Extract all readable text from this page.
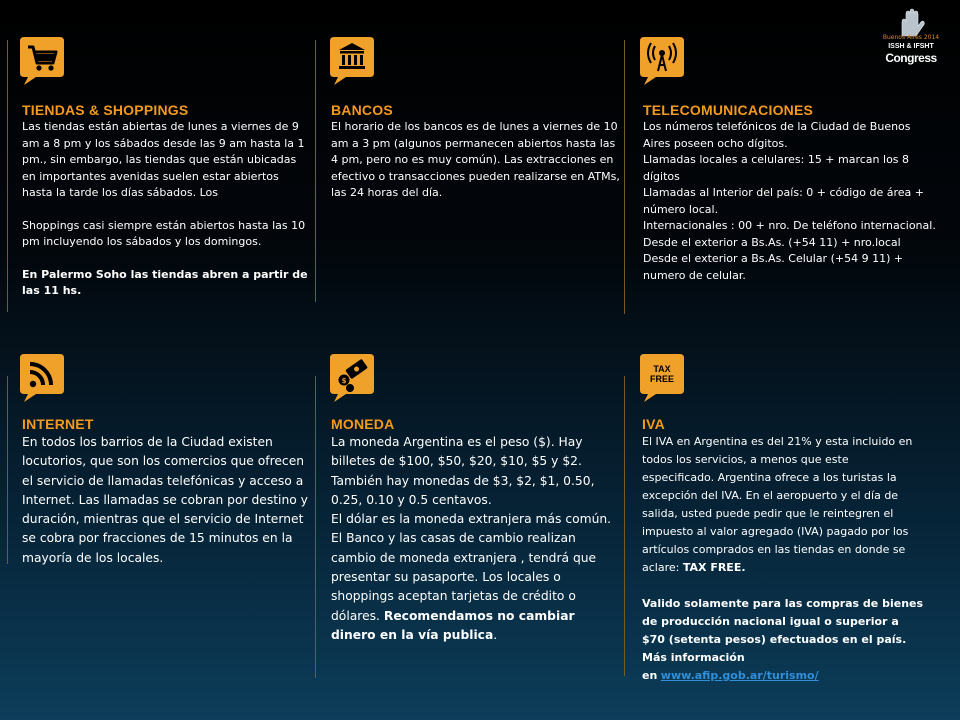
Buenos Aires 2014
ISSH & IFSHT
Congress
$
TAX
FREE
TIENDAS & SHOPPINGS

Las tiendas están abiertas de lunes a viernes de 9 am a 8 pm y los sábados desde las 9 am hasta la 1 pm., sin embargo, las tiendas que están ubicadas en importantes avenidas suelen estar abiertos hasta la tarde los días sábados. Los

Shoppings casi siempre están abiertos hasta las 10 pm incluyendo los sábados y los domingos.

En Palermo Soho las tiendas abren a partir de las 11 hs.

BANCOS

El horario de los bancos es de lunes a viernes de 10 am a 3 pm (algunos permanecen abiertos hasta las 4 pm, pero no es muy común). Las extracciones en efectivo o transacciones pueden realizarse en ATMs, las 24 horas del día.

TELECOMUNICACIONES

Los números telefónicos de la Ciudad de Buenos Aires poseen ocho dígitos.

Llamadas locales a celulares: 15 + marcan los 8 dígitos

Llamadas al Interior del país: 0 + código de área + número local.

Internacionales : 00 + nro. De teléfono internacional.

Desde el exterior a Bs.As. (+54 11) + nro.local

Desde el exterior a Bs.As. Celular (+54 9 11) + numero de celular.

INTERNET

En todos los barrios de la Ciudad existen locutorios, que son los comercios que ofrecen el servicio de llamadas telefónicas y acceso a Internet. Las llamadas se cobran por destino y duración, mientras que el servicio de Internet se cobra por fracciones de 15 minutos en la mayoría de los locales.

MONEDA

La moneda Argentina es el peso ($). Hay billetes de $100, $50, $20, $10, $5 y $2. También hay monedas de $3, $2, $1, 0.50, 0.25, 0.10 y 0.5 centavos.

El dólar es la moneda extranjera más común. El Banco y las casas de cambio realizan cambio de moneda extranjera , tendrá que presentar su pasaporte. Los locales o shoppings aceptan tarjetas de crédito o dólares. Recomendamos no cambiar dinero en la vía publica.

IVA

El IVA en Argentina es del 21% y esta incluido en todos los servicios, a menos que este especificado. Argentina ofrece a los turistas la excepción del IVA. En el aeropuerto y el día de salida, usted puede pedir que le reintegren el impuesto al valor agregado (IVA) pagado por los artículos comprados en las tiendas en donde se aclare: TAX FREE.

Valido solamente para las compras de bienes de producción nacional igual o superior a $70 (setenta pesos) efectuados en el país.

Más información

en www.afip.gob.ar/turismo/
